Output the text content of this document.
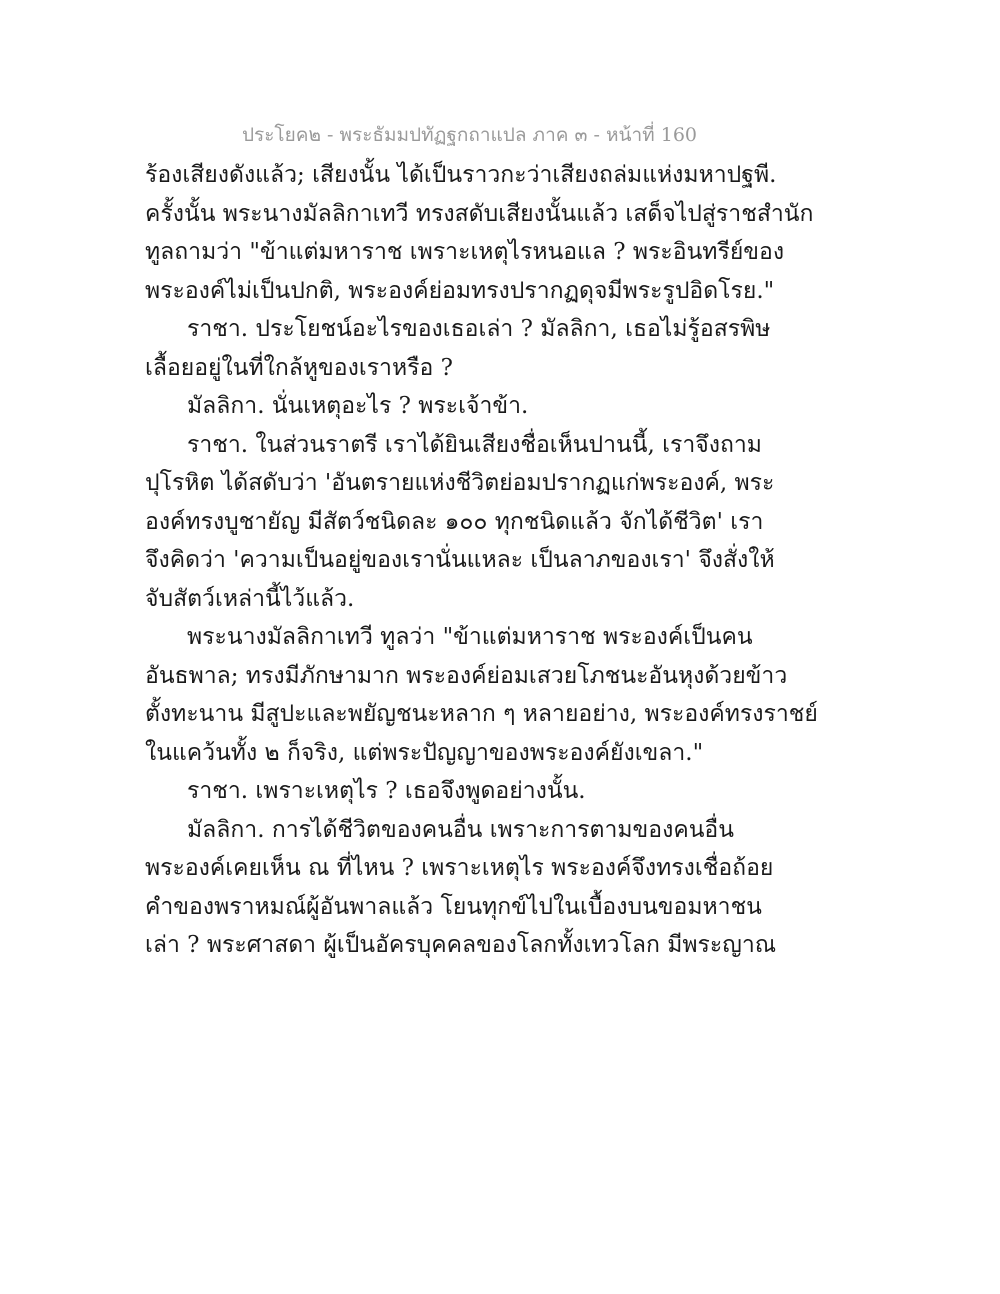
ประโยค๒ - พระธัมมปทัฏฐกถาแปล ภาค ๓ - หน้าที่ 160
ร้องเสียงดังแล้ว; เสียงนั้น ได้เป็นราวกะว่าเสียงถล่มแห่งมหาปฐพี.
ครั้งนั้น พระนางมัลลิกาเทวี ทรงสดับเสียงนั้นแล้ว เสด็จไปสู่ราชสำนัก
ทูลถามว่า "ข้าแต่มหาราช เพราะเหตุไรหนอแล ? พระอินทรีย์ของ
พระองค์ไม่เป็นปกติ, พระองค์ย่อมทรงปรากฏดุจมีพระรูปอิดโรย."
ราชา. ประโยชน์อะไรของเธอเล่า ? มัลลิกา, เธอไม่รู้อสรพิษ
เลื้อยอยู่ในที่ใกล้หูของเราหรือ ?
มัลลิกา. นั่นเหตุอะไร ? พระเจ้าข้า.
ราชา. ในส่วนราตรี เราได้ยินเสียงชื่อเห็นปานนี้, เราจึงถาม
ปุโรหิต ได้สดับว่า 'อันตรายแห่งชีวิตย่อมปรากฏแก่พระองค์, พระ
องค์ทรงบูชายัญ มีสัตว์ชนิดละ ๑๐๐ ทุกชนิดแล้ว จักได้ชีวิต' เรา
จึงคิดว่า 'ความเป็นอยู่ของเรานั่นแหละ เป็นลาภของเรา' จึงสั่งให้
จับสัตว์เหล่านี้ไว้แล้ว.
พระนางมัลลิกาเทวี ทูลว่า "ข้าแต่มหาราช พระองค์เป็นคน
อันธพาล; ทรงมีภักษามาก พระองค์ย่อมเสวยโภชนะอันหุงด้วยข้าว
ตั้งทะนาน มีสูปะและพยัญชนะหลาก ๆ หลายอย่าง, พระองค์ทรงราชย์
ในแคว้นทั้ง ๒ ก็จริง, แต่พระปัญญาของพระองค์ยังเขลา."
ราชา. เพราะเหตุไร ? เธอจึงพูดอย่างนั้น.
มัลลิกา. การได้ชีวิตของคนอื่น เพราะการตามของคนอื่น
พระองค์เคยเห็น ณ ที่ไหน ? เพราะเหตุไร พระองค์จึงทรงเชื่อถ้อย
คำของพราหมณ์ผู้อันพาลแล้ว โยนทุกข์ไปในเบื้องบนขอมหาชน
เล่า ? พระศาสดา ผู้เป็นอัครบุคคลของโลกทั้งเทวโลก มีพระญาณ
